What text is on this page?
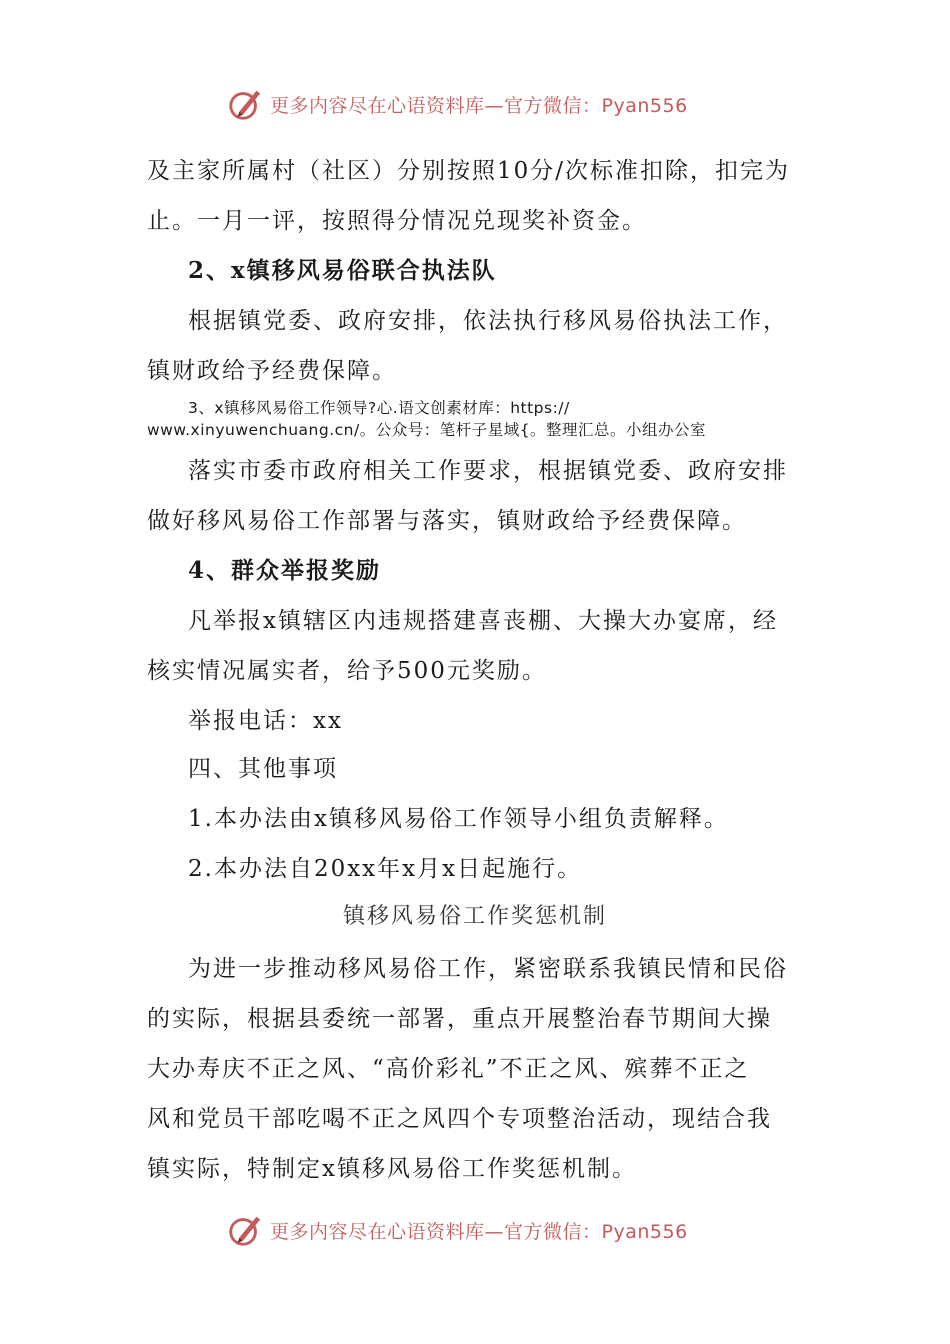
更多内容尽在心语资料库—官方微信：Pyan556
及主家所属村（社区）分别按照10分/次标准扣除，扣完为
止。一月一评，按照得分情况兑现奖补资金。
2、x镇移风易俗联合执法队
根据镇党委、政府安排，依法执行移风易俗执法工作，
镇财政给予经费保障。
3、x镇移风易俗工作领导?心.语文创素材库：https://
www.xinyuwenchuang.cn/。公众号：笔杆子星域{。整理汇总。小组办公室
落实市委市政府相关工作要求，根据镇党委、政府安排
做好移风易俗工作部署与落实，镇财政给予经费保障。
4、群众举报奖励
凡举报x镇辖区内违规搭建喜丧棚、大操大办宴席，经
核实情况属实者，给予500元奖励。
举报电话：xx
四、其他事项
1.本办法由x镇移风易俗工作领导小组负责解释。
2.本办法自20xx年x月x日起施行。
镇移风易俗工作奖惩机制
为进一步推动移风易俗工作，紧密联系我镇民情和民俗
的实际，根据县委统一部署，重点开展整治春节期间大操
大办寿庆不正之风、“高价彩礼”不正之风、殡葬不正之
风和党员干部吃喝不正之风四个专项整治活动，现结合我
镇实际，特制定x镇移风易俗工作奖惩机制。
更多内容尽在心语资料库—官方微信：Pyan556
